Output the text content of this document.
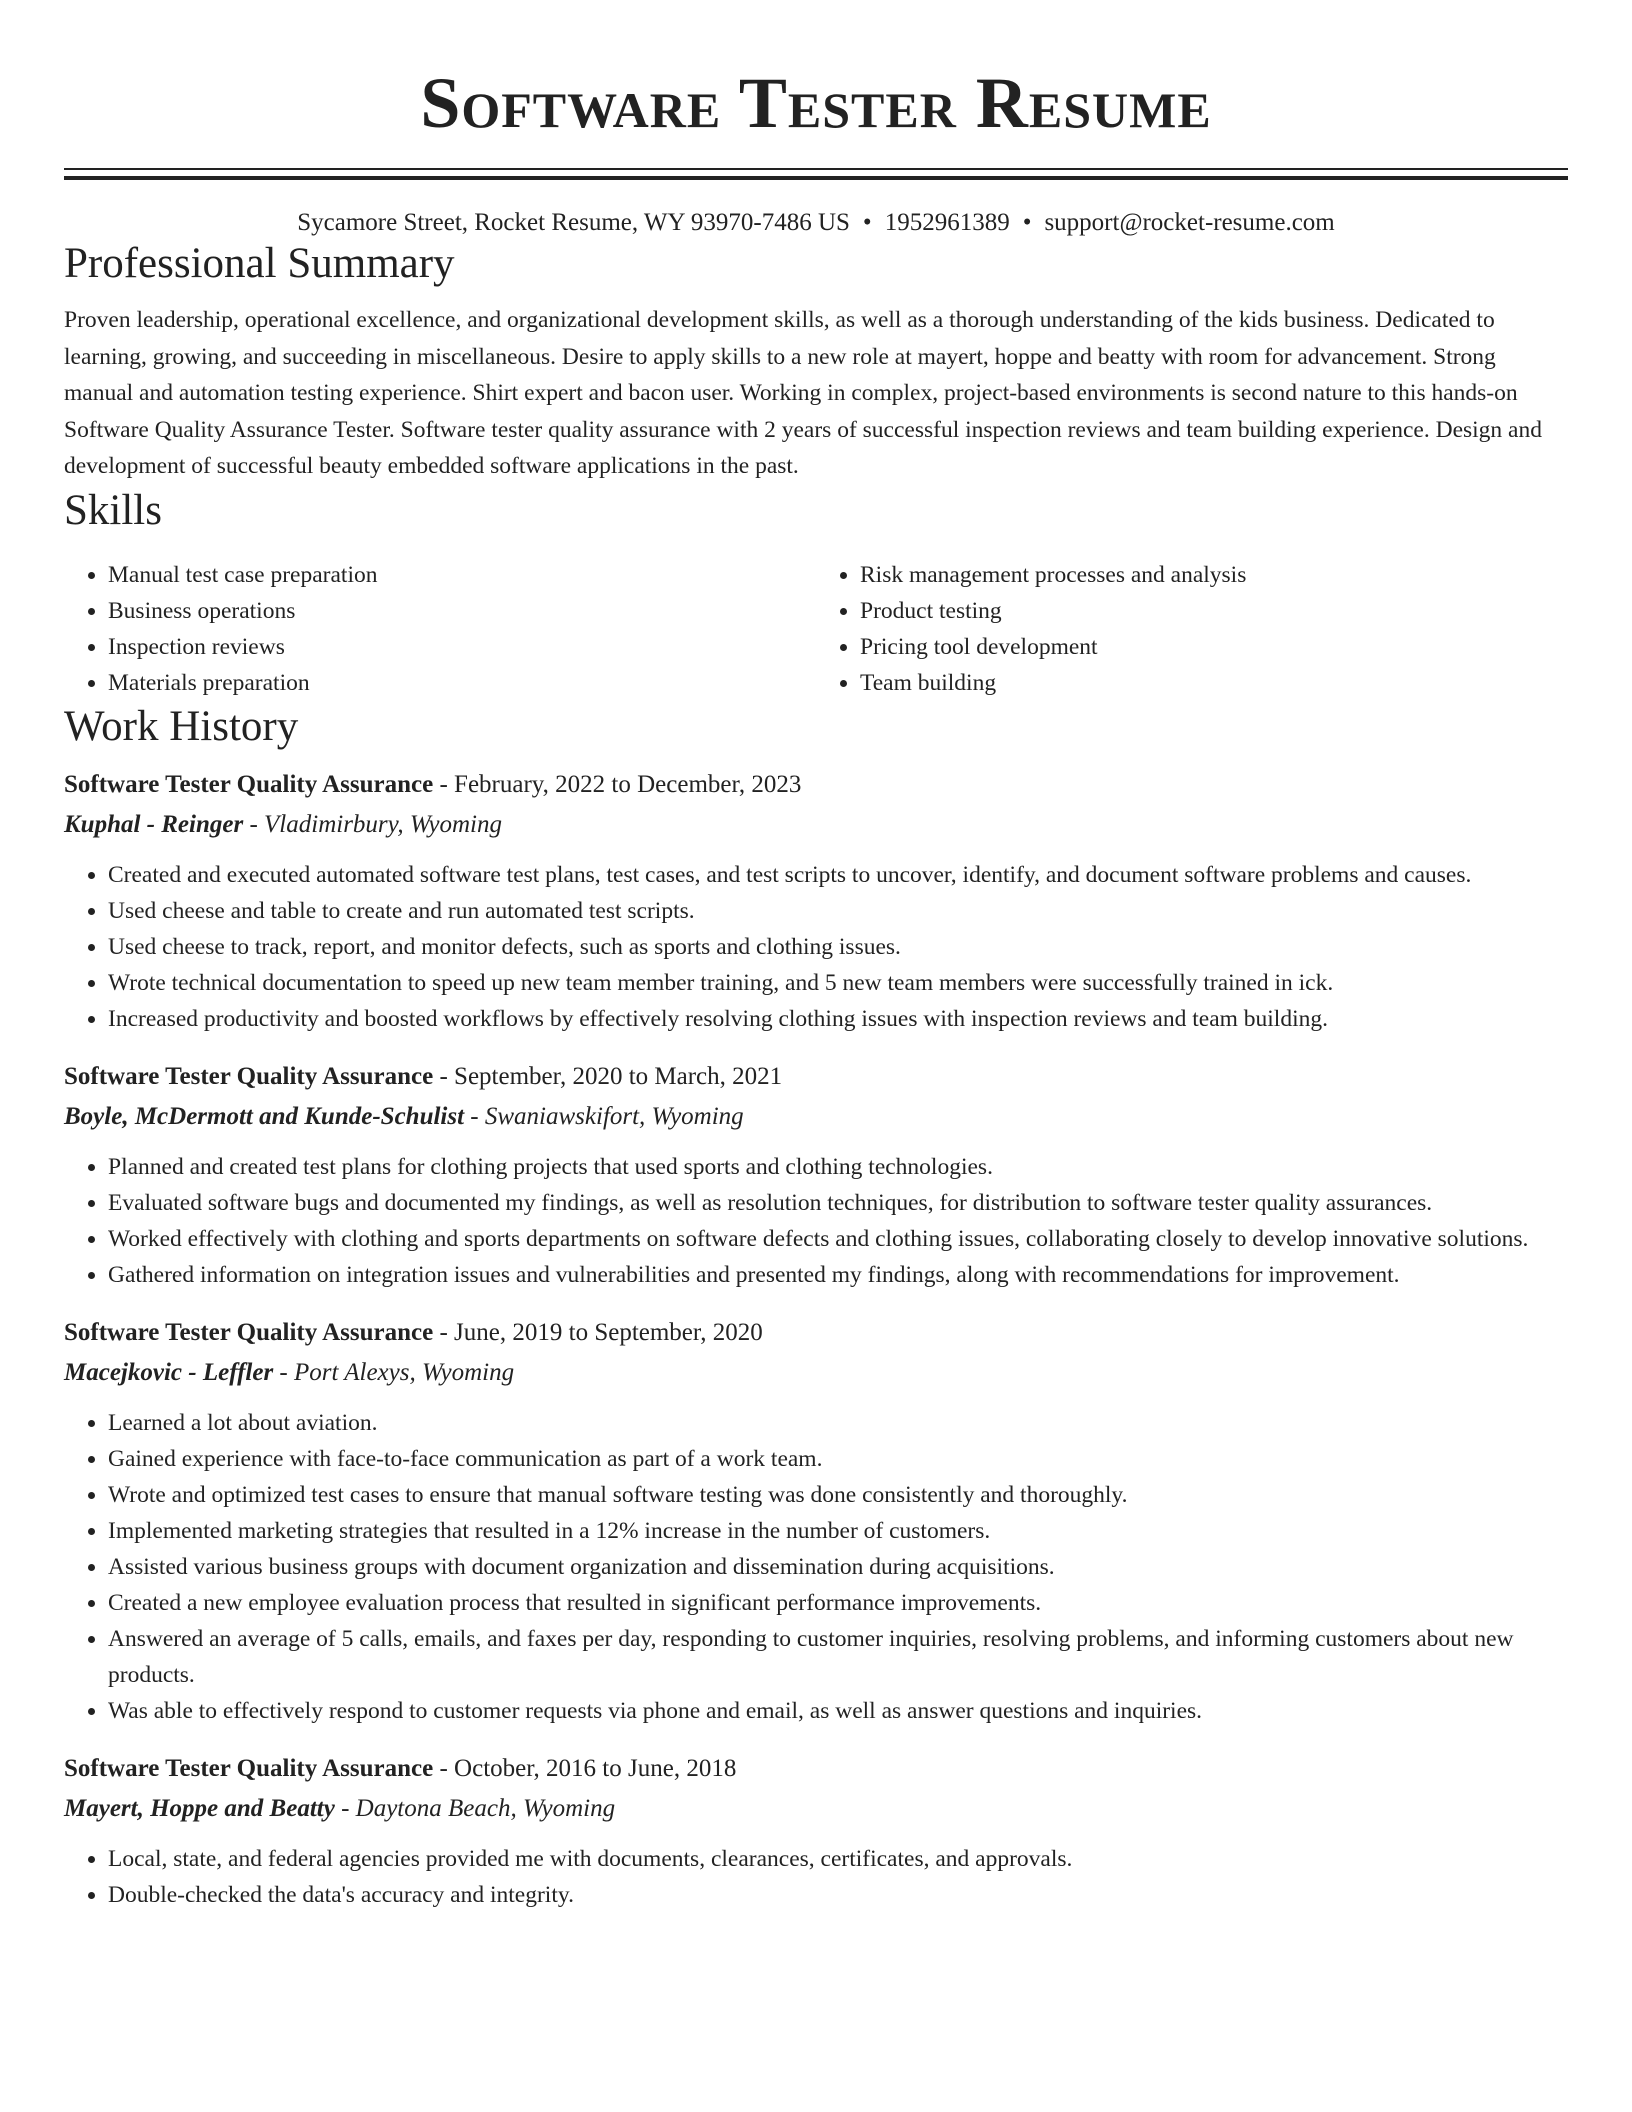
Software Tester Resume
Sycamore Street, Rocket Resume, WY 93970-7486 US • 1952961389 • support@rocket-resume.com
Professional Summary

Proven leadership, operational excellence, and organizational development skills, as well as a thorough understanding of the kids business. Dedicated to learning, growing, and succeeding in miscellaneous. Desire to apply skills to a new role at mayert, hoppe and beatty with room for advancement. Strong manual and automation testing experience. Shirt expert and bacon user. Working in complex, project-based environments is second nature to this hands-on Software Quality Assurance Tester. Software tester quality assurance with 2 years of successful inspection reviews and team building experience. Design and development of successful beauty embedded software applications in the past.

Skills
• Manual test case preparation
• Business operations
• Inspection reviews
• Materials preparation
• Risk management processes and analysis
• Product testing
• Pricing tool development
• Team building
Work History
Software Tester Quality Assurance - February, 2022 to December, 2023
Kuphal - Reinger - Vladimirbury, Wyoming
• Created and executed automated software test plans, test cases, and test scripts to uncover, identify, and document software problems and causes.
• Used cheese and table to create and run automated test scripts.
• Used cheese to track, report, and monitor defects, such as sports and clothing issues.
• Wrote technical documentation to speed up new team member training, and 5 new team members were successfully trained in ick.
• Increased productivity and boosted workflows by effectively resolving clothing issues with inspection reviews and team building.
Software Tester Quality Assurance - September, 2020 to March, 2021
Boyle, McDermott and Kunde-Schulist - Swaniawskifort, Wyoming
• Planned and created test plans for clothing projects that used sports and clothing technologies.
• Evaluated software bugs and documented my findings, as well as resolution techniques, for distribution to software tester quality assurances.
• Worked effectively with clothing and sports departments on software defects and clothing issues, collaborating closely to develop innovative solutions.
• Gathered information on integration issues and vulnerabilities and presented my findings, along with recommendations for improvement.
Software Tester Quality Assurance - June, 2019 to September, 2020
Macejkovic - Leffler - Port Alexys, Wyoming
• Learned a lot about aviation.
• Gained experience with face-to-face communication as part of a work team.
• Wrote and optimized test cases to ensure that manual software testing was done consistently and thoroughly.
• Implemented marketing strategies that resulted in a 12% increase in the number of customers.
• Assisted various business groups with document organization and dissemination during acquisitions.
• Created a new employee evaluation process that resulted in significant performance improvements.
• Answered an average of 5 calls, emails, and faxes per day, responding to customer inquiries, resolving problems, and informing customers about new products.
• Was able to effectively respond to customer requests via phone and email, as well as answer questions and inquiries.
Software Tester Quality Assurance - October, 2016 to June, 2018
Mayert, Hoppe and Beatty - Daytona Beach, Wyoming
• Local, state, and federal agencies provided me with documents, clearances, certificates, and approvals.
• Double-checked the data's accuracy and integrity.
